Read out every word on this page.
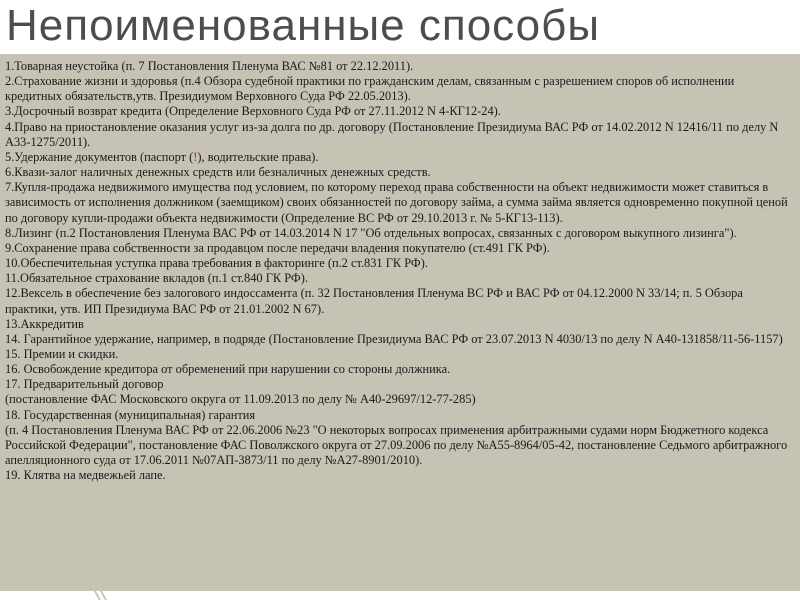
Непоименованные способы

1.Товарная неустойка (п. 7 Постановления Пленума ВАС №81 от 22.12.2011).

2.Страхование жизни и здоровья (п.4 Обзора судебной практики по гражданским делам, связанным с разрешением споров об исполнении кредитных обязательств,утв. Президиумом Верховного Суда РФ 22.05.2013).

3.Досрочный возврат кредита (Определение Верховного Суда РФ от 27.11.2012 N 4-КГ12-24).

4.Право на приостановление оказания услуг из-за долга по др. договору (Постановление Президиума ВАС РФ от 14.02.2012 N 12416/11 по делу N А33-1275/2011).

5.Удержание документов (паспорт (!), водительские права).

6.Квази-залог наличных денежных средств или безналичных денежных средств.

7.Купля-продажа недвижимого имущества под условием, по которому переход права собственности на объект недвижимости может ставиться в зависимость от исполнения должником (заемщиком) своих обязанностей по договору займа, а сумма займа является одновременно покупной ценой по договору купли-продажи объекта недвижимости (Определение ВС РФ от 29.10.2013 г. № 5-КГ13-113).

8.Лизинг (п.2 Постановления Пленума ВАС РФ от 14.03.2014 N 17 "Об отдельных вопросах, связанных с договором выкупного лизинга").

9.Сохранение права собственности за продавцом после передачи владения покупателю (ст.491 ГК РФ).

10.Обеспечительная уступка права требования в факторинге (п.2 ст.831 ГК РФ).

11.Обязательное страхование вкладов (п.1 ст.840 ГК РФ).

12.Вексель в обеспечение без залогового индоссамента (п. 32 Постановления Пленума ВС РФ и ВАС РФ от 04.12.2000 N 33/14; п. 5 Обзора практики, утв. ИП Президиума ВАС РФ от 21.01.2002 N 67).

13.Аккредитив

14. Гарантийное удержание, например, в подряде (Постановление Президиума ВАС РФ от 23.07.2013 N 4030/13 по делу N А40-131858/11-56-1157)

15. Премии и скидки.

16. Освобождение кредитора от обременений при нарушении со стороны должника.

17. Предварительный договор

(постановление ФАС Московского округа от 11.09.2013 по делу № А40-29697/12-77-285)

18. Государственная (муниципальная) гарантия

(п. 4 Постановления Пленума ВАС РФ от 22.06.2006 №23 "О некоторых вопросах применения арбитражными судами норм Бюджетного кодекса Российской Федерации", постановление ФАС Поволжского округа от 27.09.2006 по делу №А55-8964/05-42, постановление Седьмого арбитражного апелляционного суда от 17.06.2011 №07АП-3873/11 по делу №А27-8901/2010).

19. Клятва на медвежьей лапе.
